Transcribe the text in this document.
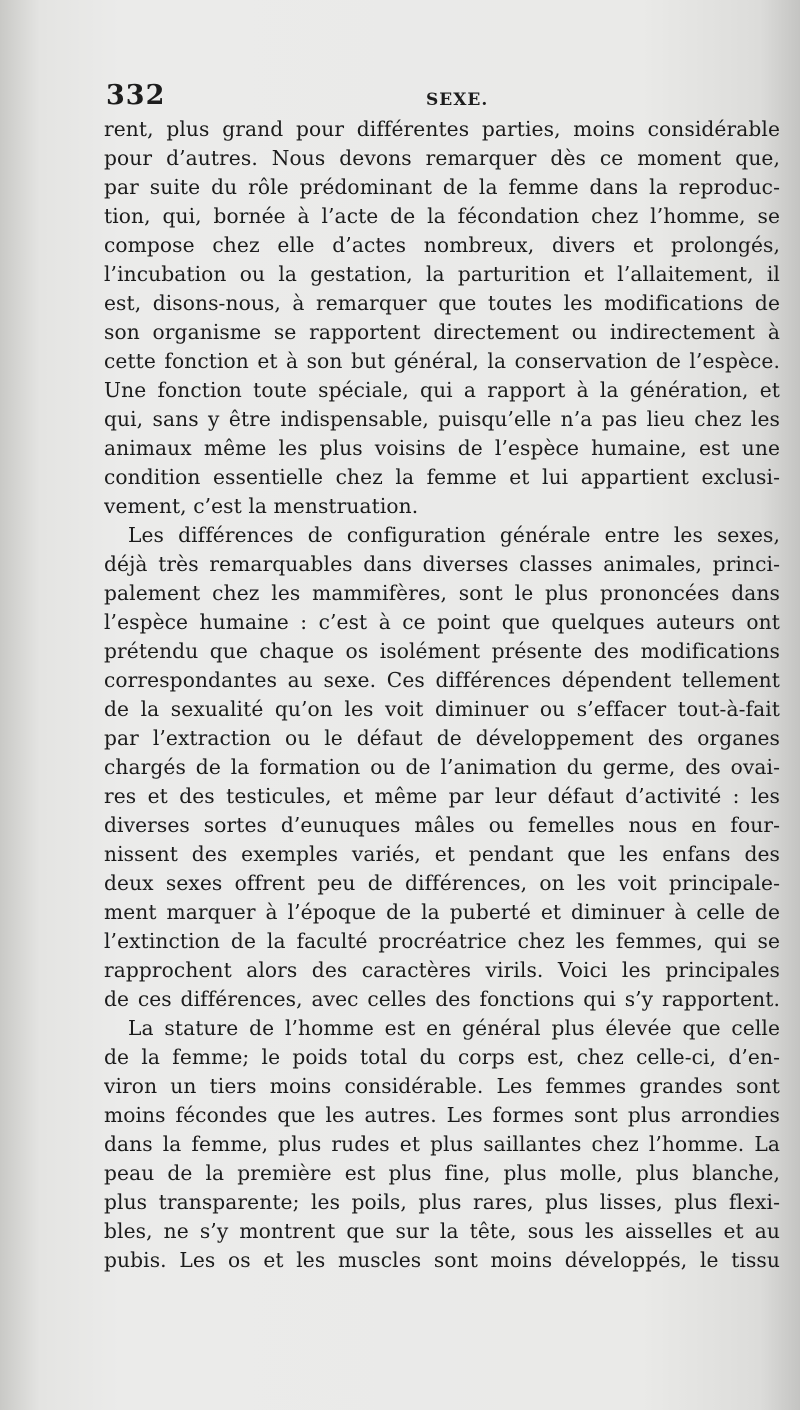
332	SEXE.
rent, plus grand pour différentes parties, moins considérable
pour d’autres. Nous devons remarquer dès ce moment que,
par suite du rôle prédominant de la femme dans la reproduc-
tion, qui, bornée à l’acte de la fécondation chez l’homme, se
compose chez elle d’actes nombreux, divers et prolongés,
l’incubation ou la gestation, la parturition et l’allaitement, il
est, disons-nous, à remarquer que toutes les modifications de
son organisme se rapportent directement ou indirectement à
cette fonction et à son but général, la conservation de l’espèce.
Une fonction toute spéciale, qui a rapport à la génération, et
qui, sans y être indispensable, puisqu’elle n’a pas lieu chez les
animaux même les plus voisins de l’espèce humaine, est une
condition essentielle chez la femme et lui appartient exclusi-
vement, c’est la menstruation.
Les différences de configuration générale entre les sexes,
déjà très remarquables dans diverses classes animales, princi-
palement chez les mammifères, sont le plus prononcées dans
l’espèce humaine : c’est à ce point que quelques auteurs ont
prétendu que chaque os isolément présente des modifications
correspondantes au sexe. Ces différences dépendent tellement
de la sexualité qu’on les voit diminuer ou s’effacer tout-à-fait
par l’extraction ou le défaut de développement des organes
chargés de la formation ou de l’animation du germe, des ovai-
res et des testicules, et même par leur défaut d’activité : les
diverses sortes d’eunuques mâles ou femelles nous en four-
nissent des exemples variés, et pendant que les enfans des
deux sexes offrent peu de différences, on les voit principale-
ment marquer à l’époque de la puberté et diminuer à celle de
l’extinction de la faculté procréatrice chez les femmes, qui se
rapprochent alors des caractères virils. Voici les principales
de ces différences, avec celles des fonctions qui s’y rapportent.
La stature de l’homme est en général plus élevée que celle
de la femme; le poids total du corps est, chez celle-ci, d’en-
viron un tiers moins considérable. Les femmes grandes sont
moins fécondes que les autres. Les formes sont plus arrondies
dans la femme, plus rudes et plus saillantes chez l’homme. La
peau de la première est plus fine, plus molle, plus blanche,
plus transparente; les poils, plus rares, plus lisses, plus flexi-
bles, ne s’y montrent que sur la tête, sous les aisselles et au
pubis. Les os et les muscles sont moins développés, le tissu
